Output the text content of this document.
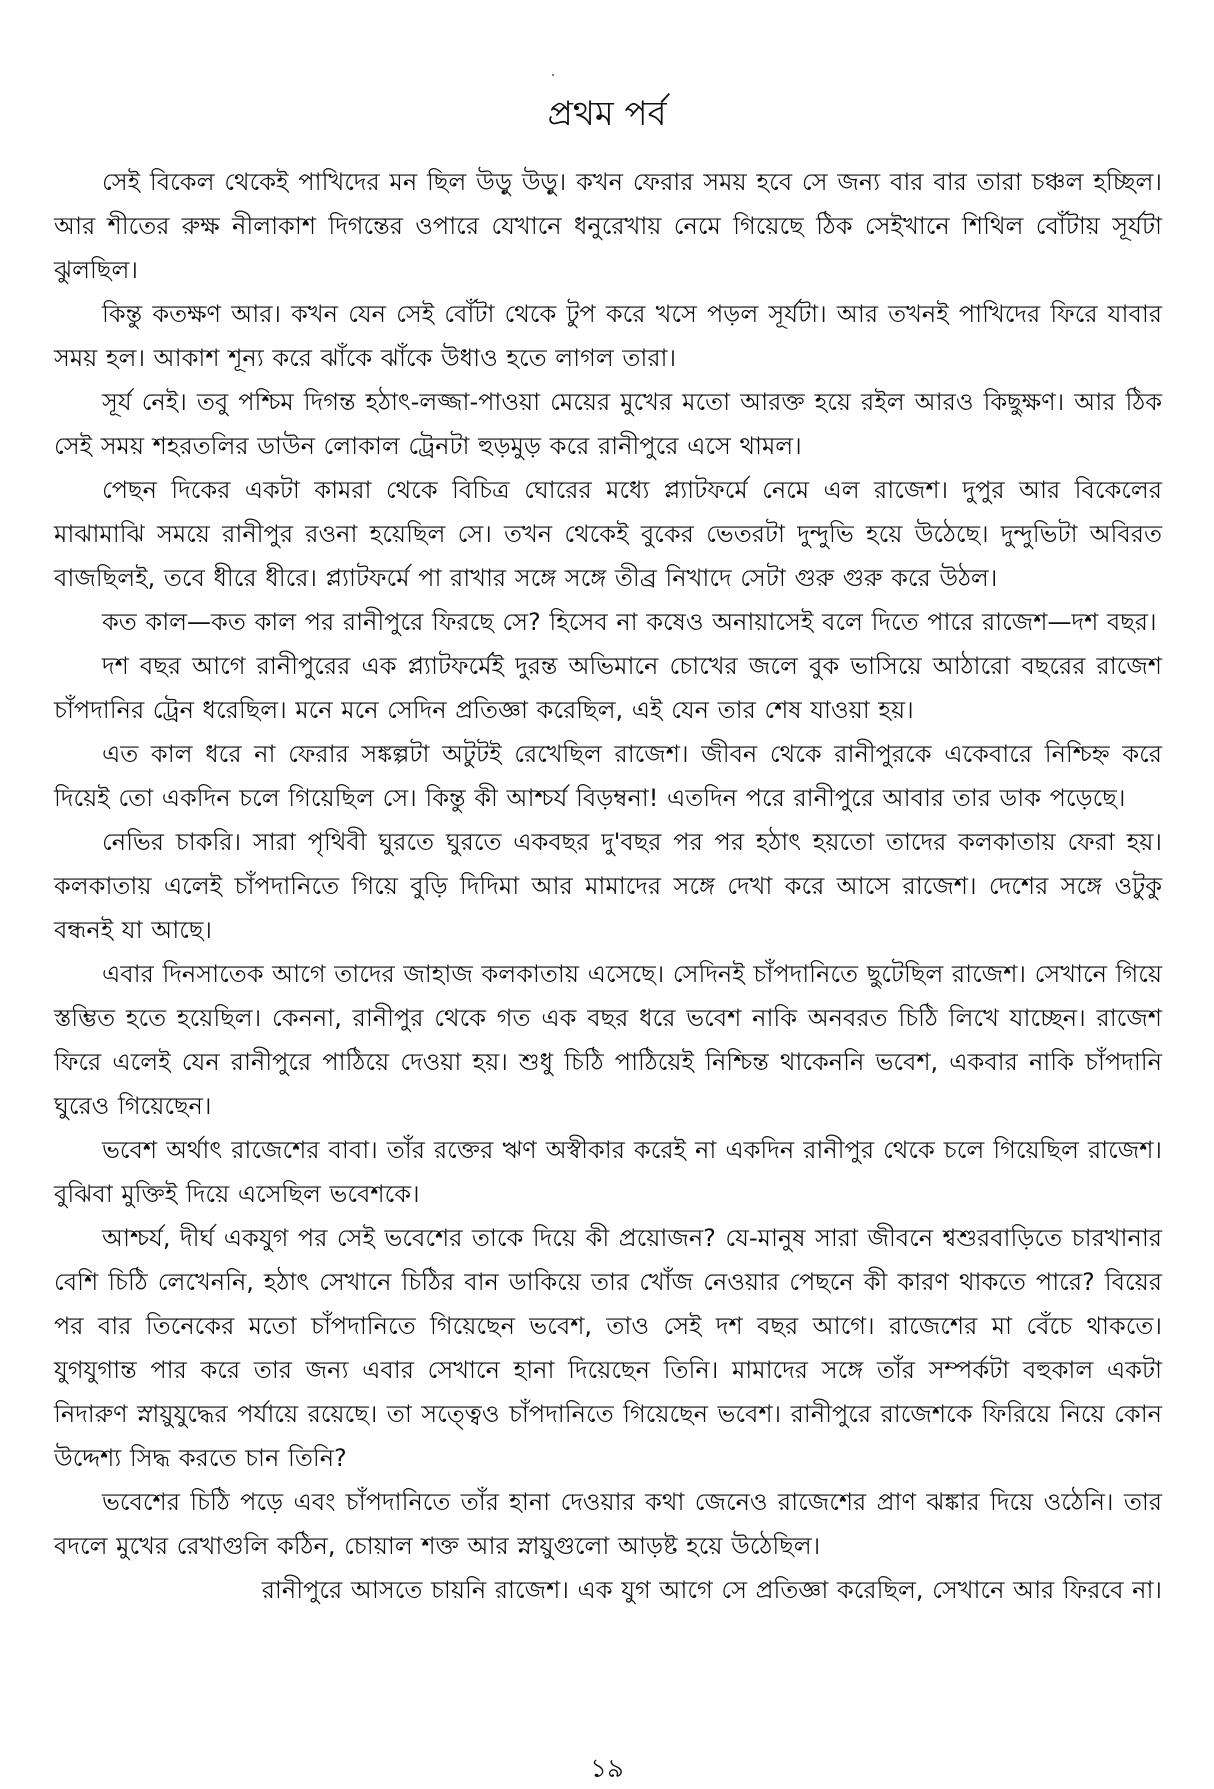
প্রথম পর্ব

সেই বিকেল থেকেই পাখিদের মন ছিল উড়ু উড়ু। কখন ফেরার সময় হবে সে জন্য বার বার তারা চঞ্চল হচ্ছিল। আর শীতের রুক্ষ নীলাকাশ দিগন্তের ওপারে যেখানে ধনুরেখায় নেমে গিয়েছে ঠিক সেইখানে শিথিল বোঁটায় সূর্যটা ঝুলছিল।

কিন্তু কতক্ষণ আর। কখন যেন সেই বোঁটা থেকে টুপ করে খসে পড়ল সূর্যটা। আর তখনই পাখিদের ফিরে যাবার সময় হল। আকাশ শূন্য করে ঝাঁকে ঝাঁকে উধাও হতে লাগল তারা।

সূর্য নেই। তবু পশ্চিম দিগন্ত হঠাৎ-লজ্জা-পাওয়া মেয়ের মুখের মতো আরক্ত হয়ে রইল আরও কিছুক্ষণ। আর ঠিক সেই সময় শহরতলির ডাউন লোকাল ট্রেনটা হুড়মুড় করে রানীপুরে এসে থামল।

পেছন দিকের একটা কামরা থেকে বিচিত্র ঘোরের মধ্যে প্ল্যাটফর্মে নেমে এল রাজেশ। দুপুর আর বিকেলের মাঝামাঝি সময়ে রানীপুর রওনা হয়েছিল সে। তখন থেকেই বুকের ভেতরটা দুন্দুভি হয়ে উঠেছে। দুন্দুভিটা অবিরত বাজছিলই, তবে ধীরে ধীরে। প্ল্যাটফর্মে পা রাখার সঙ্গে সঙ্গে তীব্র নিখাদে সেটা গুরু গুরু করে উঠল।

কত কাল—কত কাল পর রানীপুরে ফিরছে সে? হিসেব না কষেও অনায়াসেই বলে দিতে পারে রাজেশ—দশ বছর।

দশ বছর আগে রানীপুরের এক প্ল্যাটফর্মেই দুরন্ত অভিমানে চোখের জলে বুক ভাসিয়ে আঠারো বছরের রাজেশ চাঁপদানির ট্রেন ধরেছিল। মনে মনে সেদিন প্রতিজ্ঞা করেছিল, এই যেন তার শেষ যাওয়া হয়।

এত কাল ধরে না ফেরার সঙ্কল্পটা অটুটই রেখেছিল রাজেশ। জীবন থেকে রানীপুরকে একেবারে নিশ্চিহ্ন করে দিয়েই তো একদিন চলে গিয়েছিল সে। কিন্তু কী আশ্চর্য বিড়ম্বনা! এতদিন পরে রানীপুরে আবার তার ডাক পড়েছে।

নেভির চাকরি। সারা পৃথিবী ঘুরতে ঘুরতে একবছর দু'বছর পর পর হঠাৎ হয়তো তাদের কলকাতায় ফেরা হয়। কলকাতায় এলেই চাঁপদানিতে গিয়ে বুড়ি দিদিমা আর মামাদের সঙ্গে দেখা করে আসে রাজেশ। দেশের সঙ্গে ওটুকু বন্ধনই যা আছে।

এবার দিনসাতেক আগে তাদের জাহাজ কলকাতায় এসেছে। সেদিনই চাঁপদানিতে ছুটেছিল রাজেশ। সেখানে গিয়ে স্তম্ভিত হতে হয়েছিল। কেননা, রানীপুর থেকে গত এক বছর ধরে ভবেশ নাকি অনবরত চিঠি লিখে যাচ্ছেন। রাজেশ ফিরে এলেই যেন রানীপুরে পাঠিয়ে দেওয়া হয়। শুধু চিঠি পাঠিয়েই নিশ্চিন্ত থাকেননি ভবেশ, একবার নাকি চাঁপদানি ঘুরেও গিয়েছেন।

ভবেশ অর্থাৎ রাজেশের বাবা। তাঁর রক্তের ঋণ অস্বীকার করেই না একদিন রানীপুর থেকে চলে গিয়েছিল রাজেশ। বুঝিবা মুক্তিই দিয়ে এসেছিল ভবেশকে।

আশ্চর্য, দীর্ঘ একযুগ পর সেই ভবেশের তাকে দিয়ে কী প্রয়োজন? যে-মানুষ সারা জীবনে শ্বশুরবাড়িতে চারখানার বেশি চিঠি লেখেননি, হঠাৎ সেখানে চিঠির বান ডাকিয়ে তার খোঁজ নেওয়ার পেছনে কী কারণ থাকতে পারে? বিয়ের পর বার তিনেকের মতো চাঁপদানিতে গিয়েছেন ভবেশ, তাও সেই দশ বছর আগে। রাজেশের মা বেঁচে থাকতে। যুগযুগান্ত পার করে তার জন্য এবার সেখানে হানা দিয়েছেন তিনি। মামাদের সঙ্গে তাঁর সম্পর্কটা বহুকাল একটা নিদারুণ স্নায়ুযুদ্ধের পর্যায়ে রয়েছে। তা সত্ত্বেও চাঁপদানিতে গিয়েছেন ভবেশ। রানীপুরে রাজেশকে ফিরিয়ে নিয়ে কোন উদ্দেশ্য সিদ্ধ করতে চান তিনি?

ভবেশের চিঠি পড়ে এবং চাঁপদানিতে তাঁর হানা দেওয়ার কথা জেনেও রাজেশের প্রাণ ঝঙ্কার দিয়ে ওঠেনি। তার বদলে মুখের রেখাগুলি কঠিন, চোয়াল শক্ত আর স্নায়ুগুলো আড়ষ্ট হয়ে উঠেছিল।

রানীপুরে আসতে চায়নি রাজেশ। এক যুগ আগে সে প্রতিজ্ঞা করেছিল, সেখানে আর ফিরবে না।

১৯
